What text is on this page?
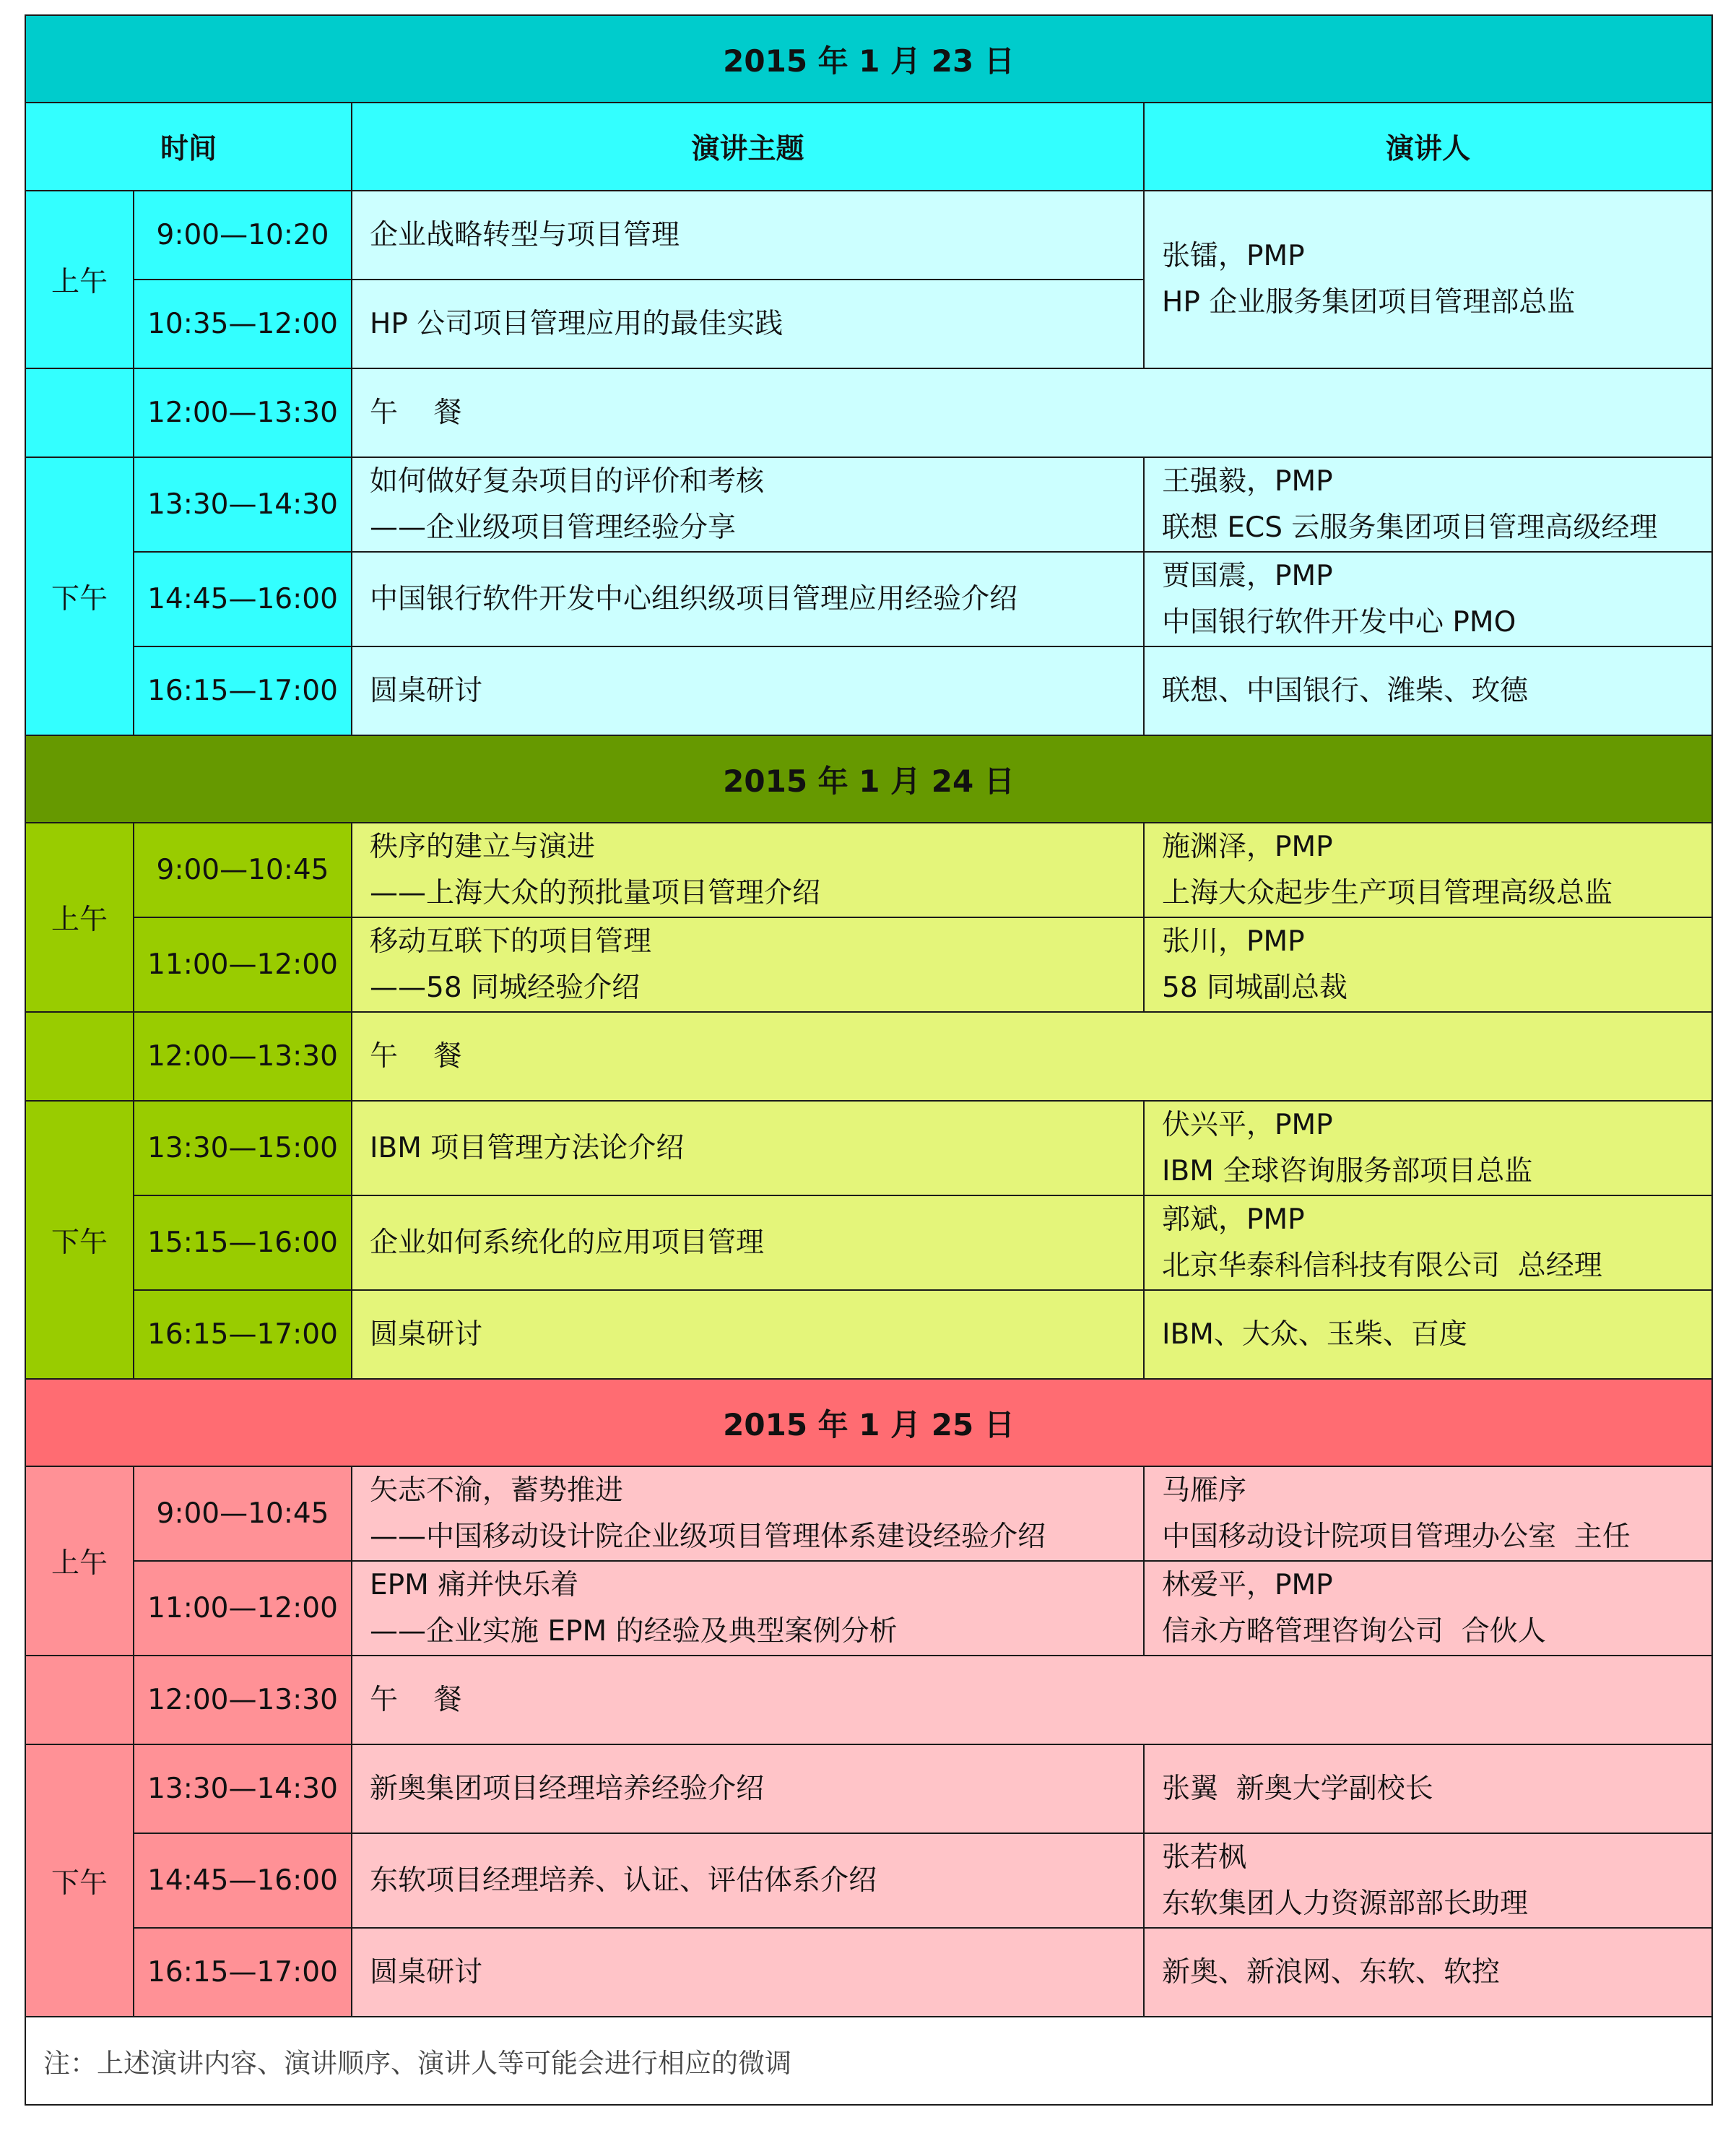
2015 年 1 月 23 日			
时间		演讲主题	演讲人
上午	9:00—10:20	企业战略转型与项目管理	张镭，PMP
HP 企业服务集团项目管理部总监

	10:35—12:00	HP 公司项目管理应用的最佳实践	

	12:00—13:30	午    餐	

下午	13:30—14:30	如何做好复杂项目的评价和考核
——企业级项目管理经验分享	王强毅，PMP
联想 ECS 云服务集团项目管理高级经理

	14:45—16:00	中国银行软件开发中心组织级项目管理应用经验介绍	贾国震，PMP
中国银行软件开发中心 PMO

	16:15—17:00	圆桌研讨	联想、中国银行、潍柴、玫德

2015 年 1 月 24 日			
上午	9:00—10:45	秩序的建立与演进
——上海大众的预批量项目管理介绍	施渊泽，PMP
上海大众起步生产项目管理高级总监

	11:00—12:00	移动互联下的项目管理
——58 同城经验介绍	张川，PMP
58 同城副总裁

	12:00—13:30	午    餐	

下午	13:30—15:00	IBM 项目管理方法论介绍	伏兴平，PMP
IBM 全球咨询服务部项目总监

	15:15—16:00	企业如何系统化的应用项目管理	郭斌，PMP
北京华泰科信科技有限公司  总经理

	16:15—17:00	圆桌研讨	IBM、大众、玉柴、百度

2015 年 1 月 25 日			
上午	9:00—10:45	矢志不渝，蓄势推进
——中国移动设计院企业级项目管理体系建设经验介绍	马雁序
中国移动设计院项目管理办公室  主任

	11:00—12:00	EPM 痛并快乐着
——企业实施 EPM 的经验及典型案例分析	林爱平，PMP
信永方略管理咨询公司  合伙人

	12:00—13:30	午    餐	

下午	13:30—14:30	新奥集团项目经理培养经验介绍	张翼  新奥大学副校长

	14:45—16:00	东软项目经理培养、认证、评估体系介绍	张若枫
东软集团人力资源部部长助理

	16:15—17:00	圆桌研讨	新奥、新浪网、东软、软控

注：上述演讲内容、演讲顺序、演讲人等可能会进行相应的微调			
